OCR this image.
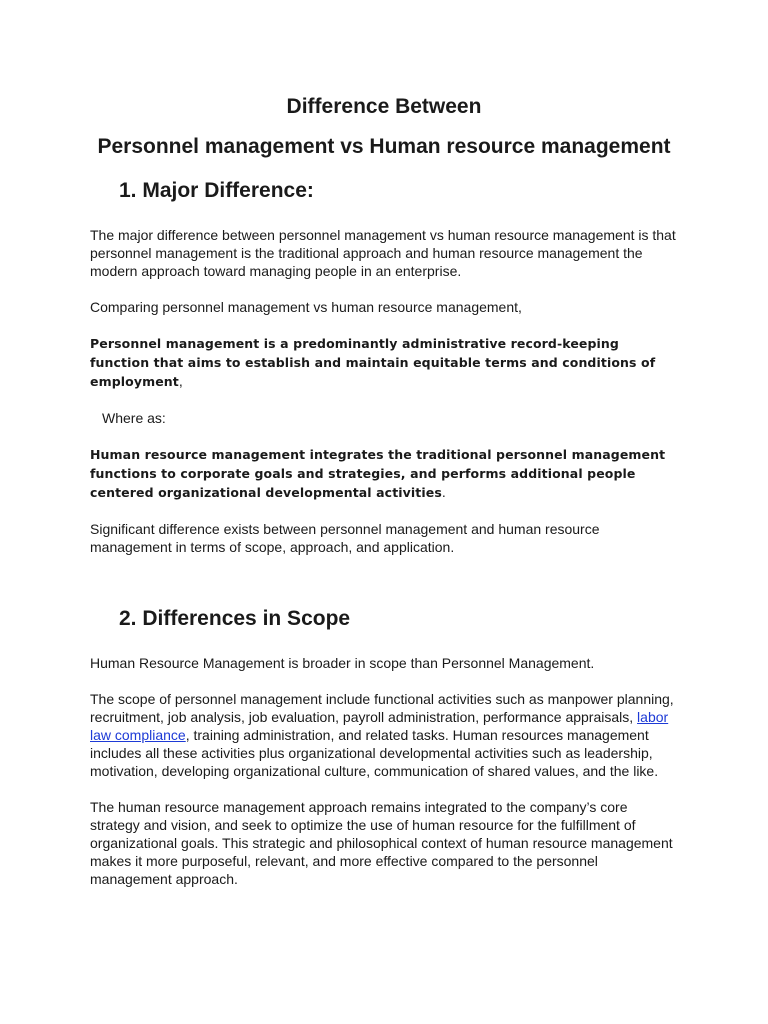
Difference Between
Personnel management vs Human resource management
1. Major Difference:

The major difference between personnel management vs human resource management is that personnel management is the traditional approach and human resource management the modern approach toward managing people in an enterprise.

Comparing personnel management vs human resource management,

Personnel management is a predominantly administrative record-keeping function that aims to establish and maintain equitable terms and conditions of employment,

Where as:

Human resource management integrates the traditional personnel management functions to corporate goals and strategies, and performs additional people centered organizational developmental activities.

Significant difference exists between personnel management and human resource management in terms of scope, approach, and application.

2. Differences in Scope

Human Resource Management is broader in scope than Personnel Management.

The scope of personnel management include functional activities such as manpower planning, recruitment, job analysis, job evaluation, payroll administration, performance appraisals, labor law compliance, training administration, and related tasks. Human resources management includes all these activities plus organizational developmental activities such as leadership, motivation, developing organizational culture, communication of shared values, and the like.

The human resource management approach remains integrated to the company’s core strategy and vision, and seek to optimize the use of human resource for the fulfillment of organizational goals. This strategic and philosophical context of human resource management makes it more purposeful, relevant, and more effective compared to the personnel management approach.
